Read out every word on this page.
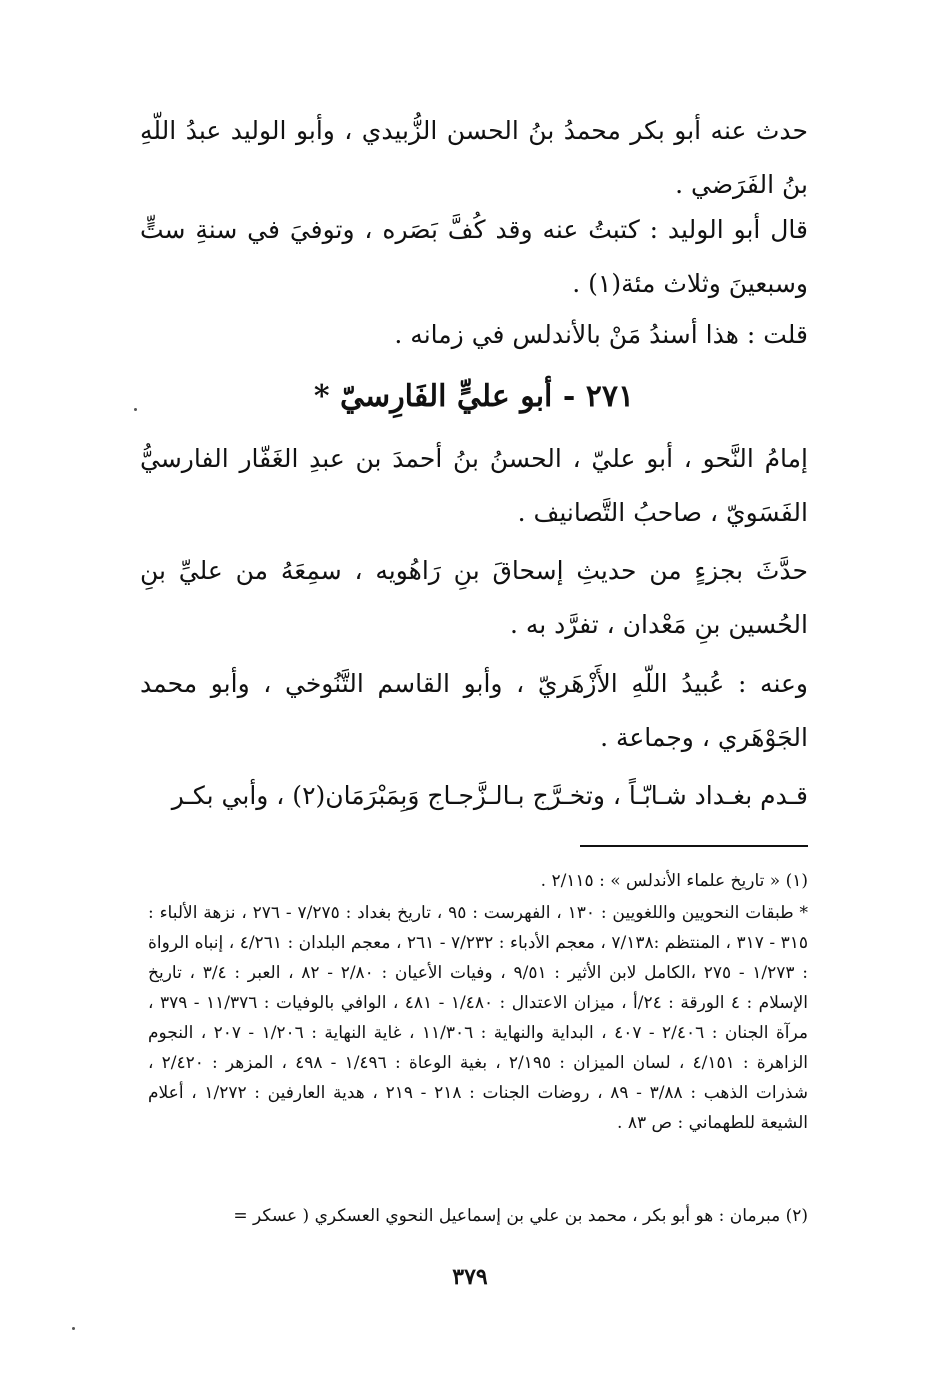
حدث عنه أبو بكر محمدُ بنُ الحسن الزُّبيدي ، وأبو الوليد عبدُ اللّهِ بنُ الفَرَضي .
قال أبو الوليد : كتبتُ عنه وقد كُفَّ بَصَره ، وتوفيَ في سنةِ ستٍّ وسبعينَ وثلاث مئة(١) .
قلت : هذا أسندُ مَنْ بالأندلس في زمانه .
٢٧١ - أبو عليٍّ الفَارِسيّ *
إمامُ النَّحو ، أبو عليّ ، الحسنُ بنُ أحمدَ بن عبدِ الغَفّار الفارسيُّ الفَسَويّ ، صاحبُ التَّصانيف .
حدَّثَ بجزءٍ من حديثِ إسحاقَ بنِ رَاهُويه ، سمِعَهُ من عليِّ بنِ الحُسين بنِ مَعْدان ، تفرَّد به .
وعنه : عُبيدُ اللّهِ الأَزْهَريّ ، وأبو القاسم التَّنُوخي ، وأبو محمد الجَوْهَري ، وجماعة .
قـدم بغـداد شـابّـاً ، وتخـرَّج بـالـزَّجـاج وَبِمَبْرَمَان(٢) ، وأبي بكـر
(١) « تاريخ علماء الأندلس » : ٢/١١٥ .
* طبقات النحويين واللغويين : ١٣٠ ، الفهرست : ٩٥ ، تاريخ بغداد : ٧/٢٧٥ - ٢٧٦ ، نزهة الألباء : ٣١٥ - ٣١٧ ، المنتظم :٧/١٣٨ ، معجم الأدباء : ٧/٢٣٢ - ٢٦١ ، معجم البلدان : ٤/٢٦١ ، إنباه الرواة : ١/٢٧٣ - ٢٧٥ ،الكامل لابن الأثير : ٩/٥١ ، وفيات الأعيان : ٢/٨٠ - ٨٢ ، العبر : ٣/٤ ، تاريخ الإسلام : ٤ الورقة : ٢٤/أ ، ميزان الاعتدال : ١/٤٨٠ - ٤٨١ ، الوافي بالوفيات : ١١/٣٧٦ - ٣٧٩ ، مرآة الجنان : ٢/٤٠٦ - ٤٠٧ ، البداية والنهاية : ١١/٣٠٦ ، غاية النهاية : ١/٢٠٦ - ٢٠٧ ، النجوم الزاهرة : ٤/١٥١ ، لسان الميزان : ٢/١٩٥ ، بغية الوعاة : ١/٤٩٦ - ٤٩٨ ، المزهر : ٢/٤٢٠ ، شذرات الذهب : ٣/٨٨ - ٨٩ ، روضات الجنات : ٢١٨ - ٢١٩ ، هدية العارفين : ١/٢٧٢ ، أعلام الشيعة للطهماني : ص ٨٣ .
(٢) مبرمان : هو أبو بكر ، محمد بن علي بن إسماعيل النحوي العسكري ( عسكر =
٣٧٩
